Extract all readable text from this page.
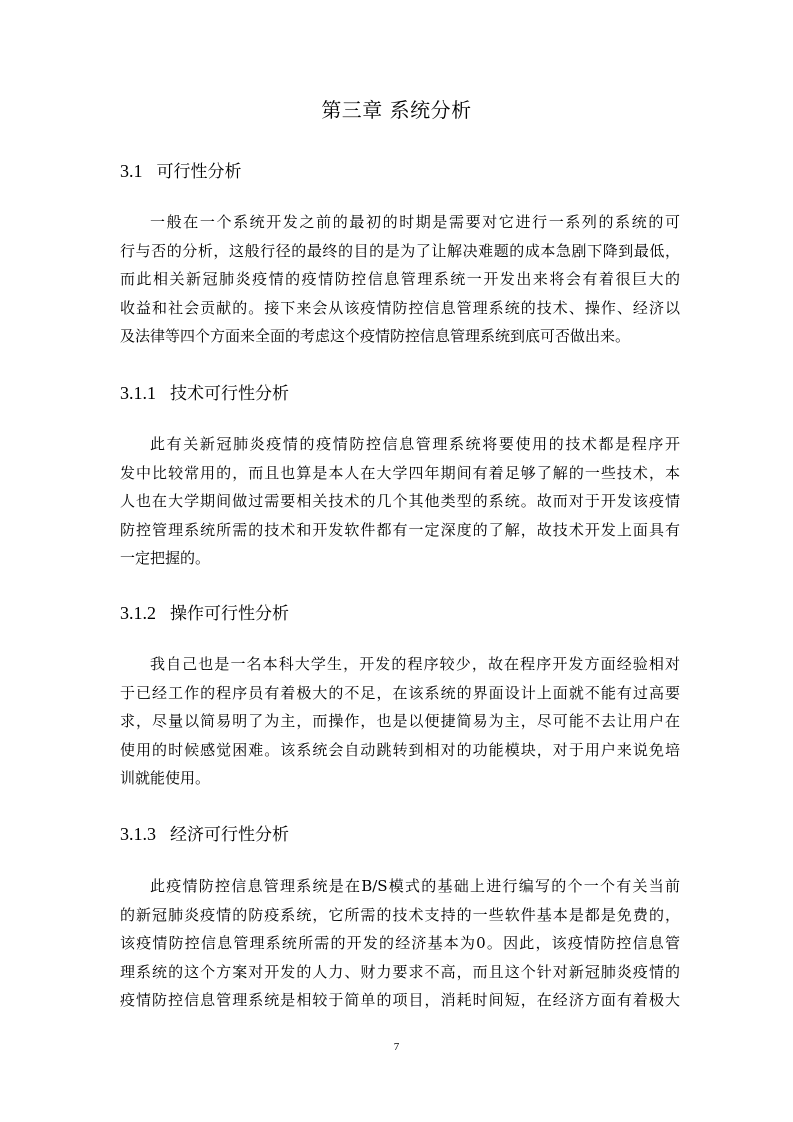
第三章 系统分析
3.1 可行性分析
一般在一个系统开发之前的最初的时期是需要对它进行一系列的系统的可
行与否的分析，这般行径的最终的目的是为了让解决难题的成本急剧下降到最低，
而此相关新冠肺炎疫情的疫情防控信息管理系统一开发出来将会有着很巨大的
收益和社会贡献的。接下来会从该疫情防控信息管理系统的技术、操作、经济以
及法律等四个方面来全面的考虑这个疫情防控信息管理系统到底可否做出来。
3.1.1 技术可行性分析
此有关新冠肺炎疫情的疫情防控信息管理系统将要使用的技术都是程序开
发中比较常用的，而且也算是本人在大学四年期间有着足够了解的一些技术，本
人也在大学期间做过需要相关技术的几个其他类型的系统。故而对于开发该疫情
防控管理系统所需的技术和开发软件都有一定深度的了解，故技术开发上面具有
一定把握的。
3.1.2 操作可行性分析
我自己也是一名本科大学生，开发的程序较少，故在程序开发方面经验相对
于已经工作的程序员有着极大的不足，在该系统的界面设计上面就不能有过高要
求，尽量以简易明了为主，而操作，也是以便捷简易为主，尽可能不去让用户在
使用的时候感觉困难。该系统会自动跳转到相对的功能模块，对于用户来说免培
训就能使用。
3.1.3 经济可行性分析
此疫情防控信息管理系统是在B/S模式的基础上进行编写的个一个有关当前
的新冠肺炎疫情的防疫系统，它所需的技术支持的一些软件基本是都是免费的，
该疫情防控信息管理系统所需的开发的经济基本为0。因此，该疫情防控信息管
理系统的这个方案对开发的人力、财力要求不高，而且这个针对新冠肺炎疫情的
疫情防控信息管理系统是相较于简单的项目，消耗时间短，在经济方面有着极大
7
